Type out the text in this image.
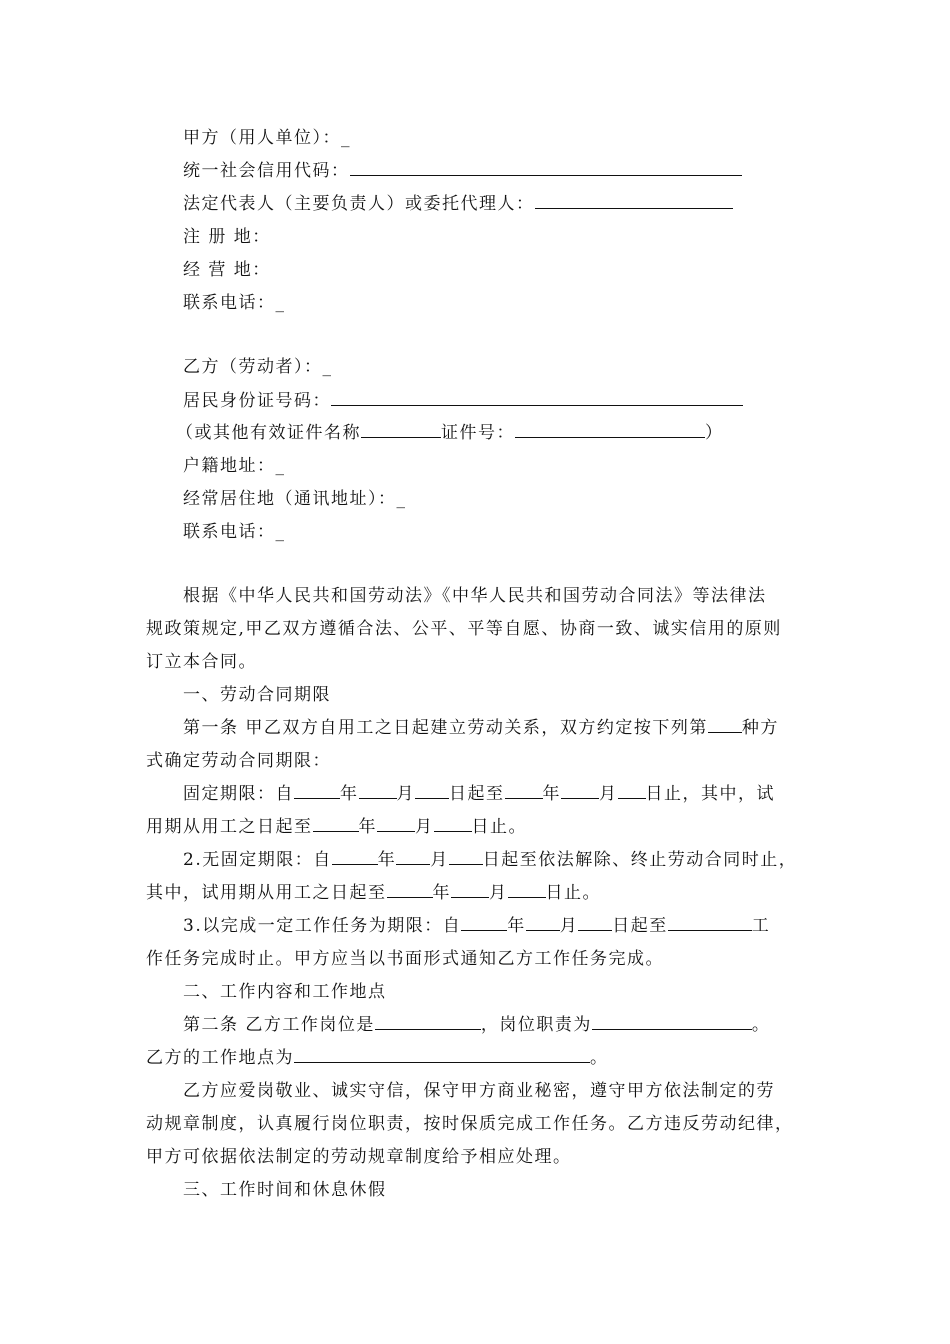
甲方（用人单位）：_
统一社会信用代码：
法定代表人（主要负责人）或委托代理人：
注 册 地：
经 营 地：
联系电话：_
乙方（劳动者）：_
居民身份证号码：
（或其他有效证件名称	证件号：	）
户籍地址：_
经常居住地（通讯地址）：_
联系电话：_
根据《中华人民共和国劳动法》《中华人民共和国劳动合同法》等法律法
规政策规定,甲乙双方遵循合法、公平、平等自愿、协商一致、诚实信用的原则
订立本合同。
一、劳动合同期限
第一条 甲乙双方自用工之日起建立劳动关系，双方约定按下列第 种方
式确定劳动合同期限：
固定期限：自	年 月 日起至 年 月 日止，其中，试
用期从用工之日起至	年 月 日止。
2.无固定期限：自	年 月 日起至依法解除、终止劳动合同时止，
其中，试用期从用工之日起至	年 月 日止。
3.以完成一定工作任务为期限：自	年 月 日起至	工
作任务完成时止。甲方应当以书面形式通知乙方工作任务完成。
二、工作内容和工作地点
第二条 乙方工作岗位是	，岗位职责为	。
乙方的工作地点为	。
乙方应爱岗敬业、诚实守信，保守甲方商业秘密，遵守甲方依法制定的劳
动规章制度，认真履行岗位职责，按时保质完成工作任务。乙方违反劳动纪律，
甲方可依据依法制定的劳动规章制度给予相应处理。
三、工作时间和休息休假
